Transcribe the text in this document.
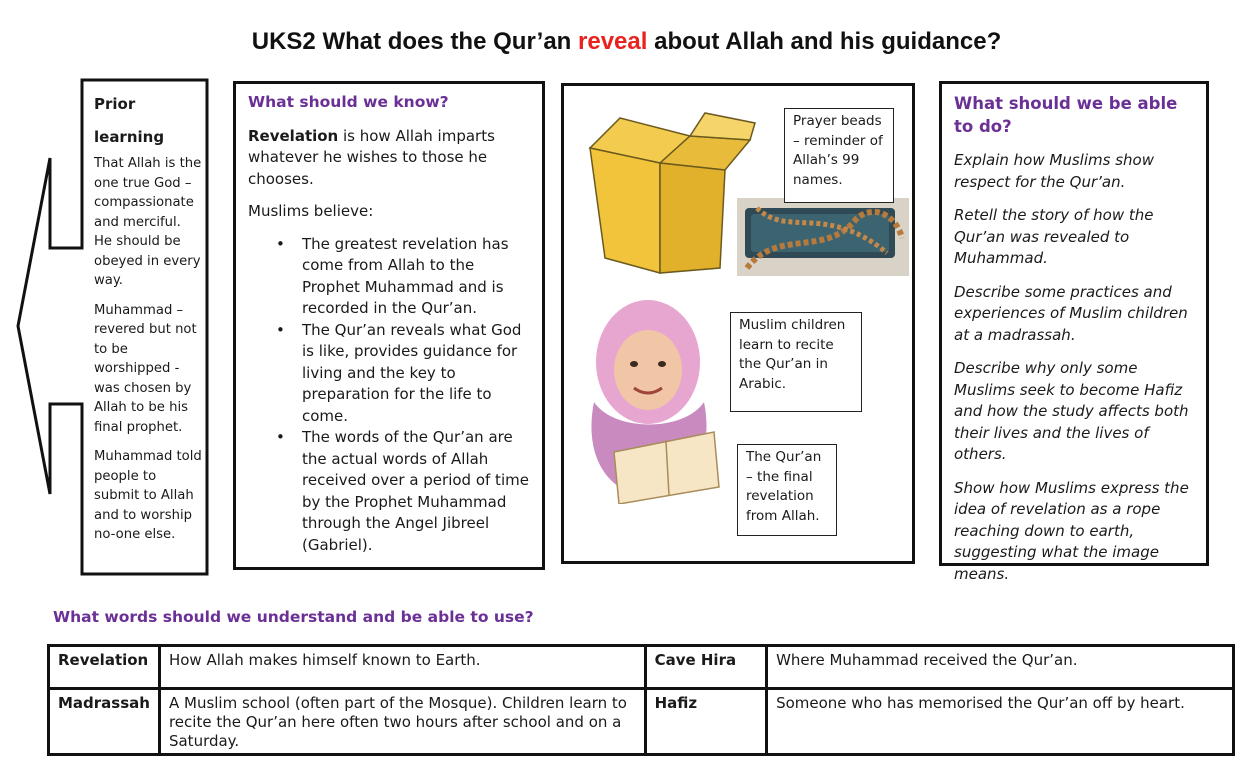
UKS2 What does the Qur’an reveal about Allah and his guidance?
Prior
learning

That Allah is the one true God – compassionate and merciful. He should be obeyed in every way.

Muhammad – revered but not to be worshipped - was chosen by Allah to be his final prophet.

Muhammad told people to submit to Allah and to worship no-one else.

What should we know?

Revelation is how Allah imparts whatever he wishes to those he chooses.

Muslims believe:

• The greatest revelation has come from Allah to the Prophet Muhammad and is recorded in the Qur’an.
• The Qur’an reveals what God is like, provides guidance for living and the key to preparation for the life to come.
• The words of the Qur’an are the actual words of Allah received over a period of time by the Prophet Muhammad through the Angel Jibreel (Gabriel).
Prayer beads – reminder of Allah’s 99 names.
Muslim children learn to recite the Qur’an in Arabic.
The Qur’an – the final revelation from Allah.
What should we be able to do?

Explain how Muslims show respect for the Qur’an.

Retell the story of how the Qur’an was revealed to Muhammad.

Describe some practices and experiences of Muslim children at a madrassah.

Describe why only some Muslims seek to become Hafiz and how the study affects both their lives and the lives of others.

Show how Muslims express the idea of revelation as a rope reaching down to earth, suggesting what the image means.

What words should we understand and be able to use?
Revelation	How Allah makes himself known to Earth.	Cave Hira	Where Muhammad received the Qur’an.
Madrassah	A Muslim school (often part of the Mosque). Children learn to recite the Qur’an here often two hours after school and on a Saturday.	Hafiz	Someone who has memorised the Qur’an off by heart.
